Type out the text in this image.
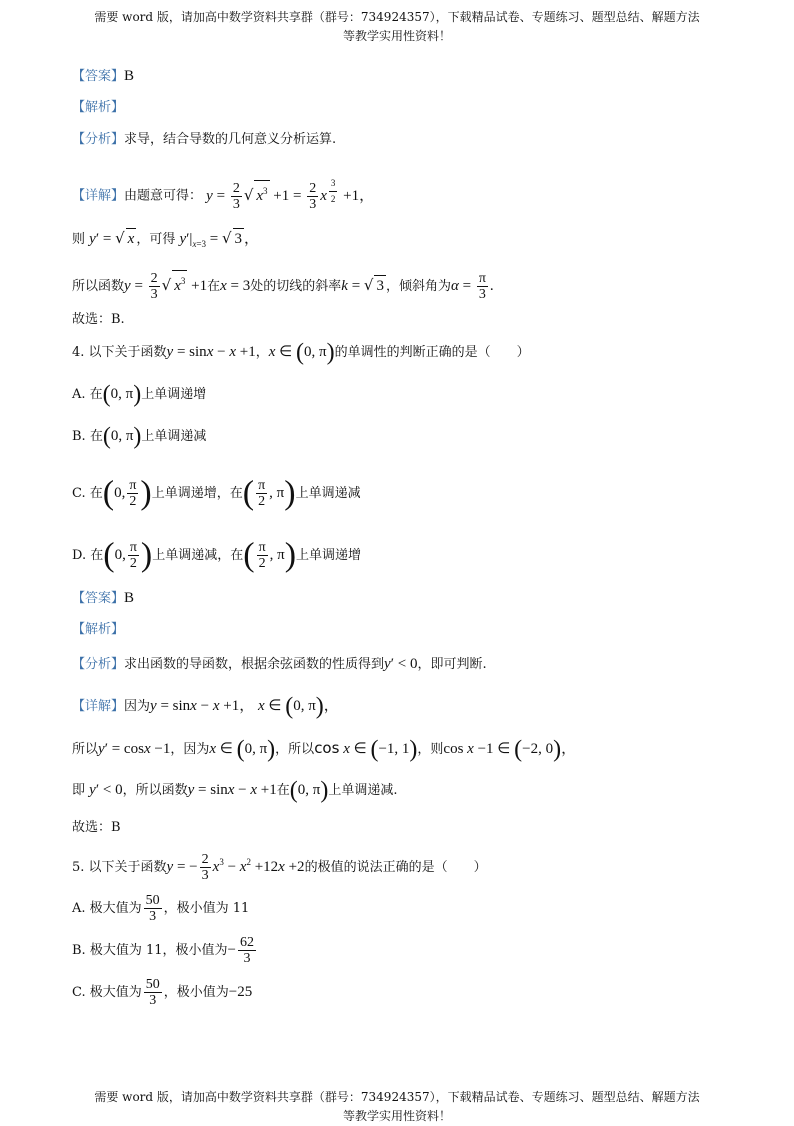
需要 word 版，请加高中数学资料共享群（群号：734924357），下载精品试卷、专题练习、题型总结、解题方法
等教学实用性资料！
【答案】B
【解析】
【分析】求导，结合导数的几何意义分析运算.
【详解】由题意可得： $y = \frac{2}{3}$ √ $x^3 +1 = \frac{2}{3}$ x $^{\frac{3}{2}}$ +1，
则 y′ = √ x ，可得 $y'|_{x=3}$ = √ 3 ，
所以函数$y = \frac{2}{3}$ √ $x^3 +1$在x = 3处的切线的斜率k = √ 3 ，倾斜角为$\alpha = \frac{\pi}{3}$ .
故选：B.
4. 以下关于函数y = sinx − x +1，x ∈ (0, π)的单调性的判断正确的是（　　）
A. 在(0, π)上单调递增
B. 在(0, π)上单调递减
C. 在(0, $\frac{\pi}{2}$ )上单调递增，在( $\frac{\pi}{2}$ , π)上单调递减
D. 在(0, $\frac{\pi}{2}$ )上单调递减，在( $\frac{\pi}{2}$ , π)上单调递增
【答案】B
【解析】
【分析】求出函数的导函数，根据余弦函数的性质得到y′ < 0，即可判断.
【详解】因为y = sinx − x +1， x ∈ (0, π)，
所以y′ = cosx −1，因为x ∈ (0, π)，所以cos x ∈ (−1, 1)，则cos x −1 ∈ (−2, 0)，
即 y′ < 0，所以函数y = sinx − x +1在(0, π)上单调递减.
故选：B
5. 以下关于函数y = − $\frac{2}{3} x^3 - x^2 +12x +2$的极值的说法正确的是（　　）
A. 极大值为 $\frac{50}{3}$ ，极小值为 11
B. 极大值为 11，极小值为− $\frac{62}{3}$
C. 极大值为 $\frac{50}{3}$ ，极小值为−25
需要 word 版，请加高中数学资料共享群（群号：734924357），下载精品试卷、专题练习、题型总结、解题方法
等教学实用性资料！
